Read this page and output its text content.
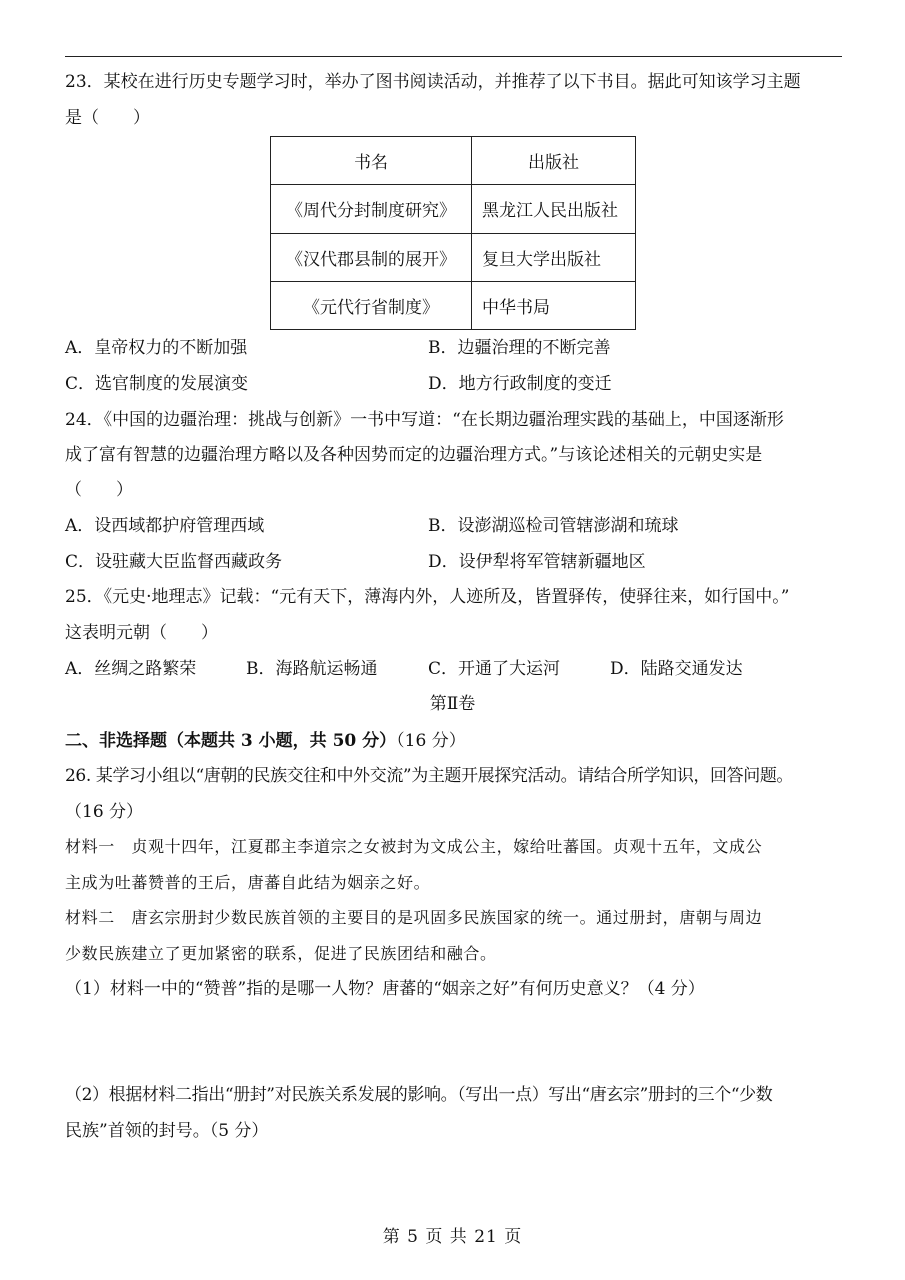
23．某校在进行历史专题学习时，举办了图书阅读活动，并推荐了以下书目。据此可知该学习主题
是（　　）
书名	出版社
《周代分封制度研究》	黑龙江人民出版社
《汉代郡县制的展开》	复旦大学出版社
《元代行省制度》	中华书局
A．皇帝权力的不断加强	B．边疆治理的不断完善
C．选官制度的发展演变	D．地方行政制度的变迁
24．《中国的边疆治理：挑战与创新》一书中写道：“在长期边疆治理实践的基础上，中国逐渐形
成了富有智慧的边疆治理方略以及各种因势而定的边疆治理方式。”与该论述相关的元朝史实是
（　　）
A．设西域都护府管理西域	B．设澎湖巡检司管辖澎湖和琉球
C．设驻藏大臣监督西藏政务	D．设伊犁将军管辖新疆地区
25．《元史·地理志》记载：“元有天下，薄海内外，人迹所及，皆置驿传，使驿往来，如行国中。”
这表明元朝（　　）
A．丝绸之路繁荣	B．海路航运畅通	C．开通了大运河	D．陆路交通发达
第Ⅱ卷
二、非选择题（本题共 3 小题，共 50 分）（16 分）
26. 某学习小组以“唐朝的民族交往和中外交流”为主题开展探究活动。请结合所学知识，回答问题。
（16 分）
材料一　贞观十四年，江夏郡主李道宗之女被封为文成公主，嫁给吐蕃国。贞观十五年，文成公
主成为吐蕃赞普的王后，唐蕃自此结为姻亲之好。
材料二　唐玄宗册封少数民族首领的主要目的是巩固多民族国家的统一。通过册封，唐朝与周边
少数民族建立了更加紧密的联系，促进了民族团结和融合。
（1）材料一中的“赞普”指的是哪一人物？唐蕃的“姻亲之好”有何历史意义？（4 分）
（2）根据材料二指出“册封”对民族关系发展的影响。（写出一点）写出“唐玄宗”册封的三个“少数
民族”首领的封号。（5 分）
第 5 页 共 21 页
